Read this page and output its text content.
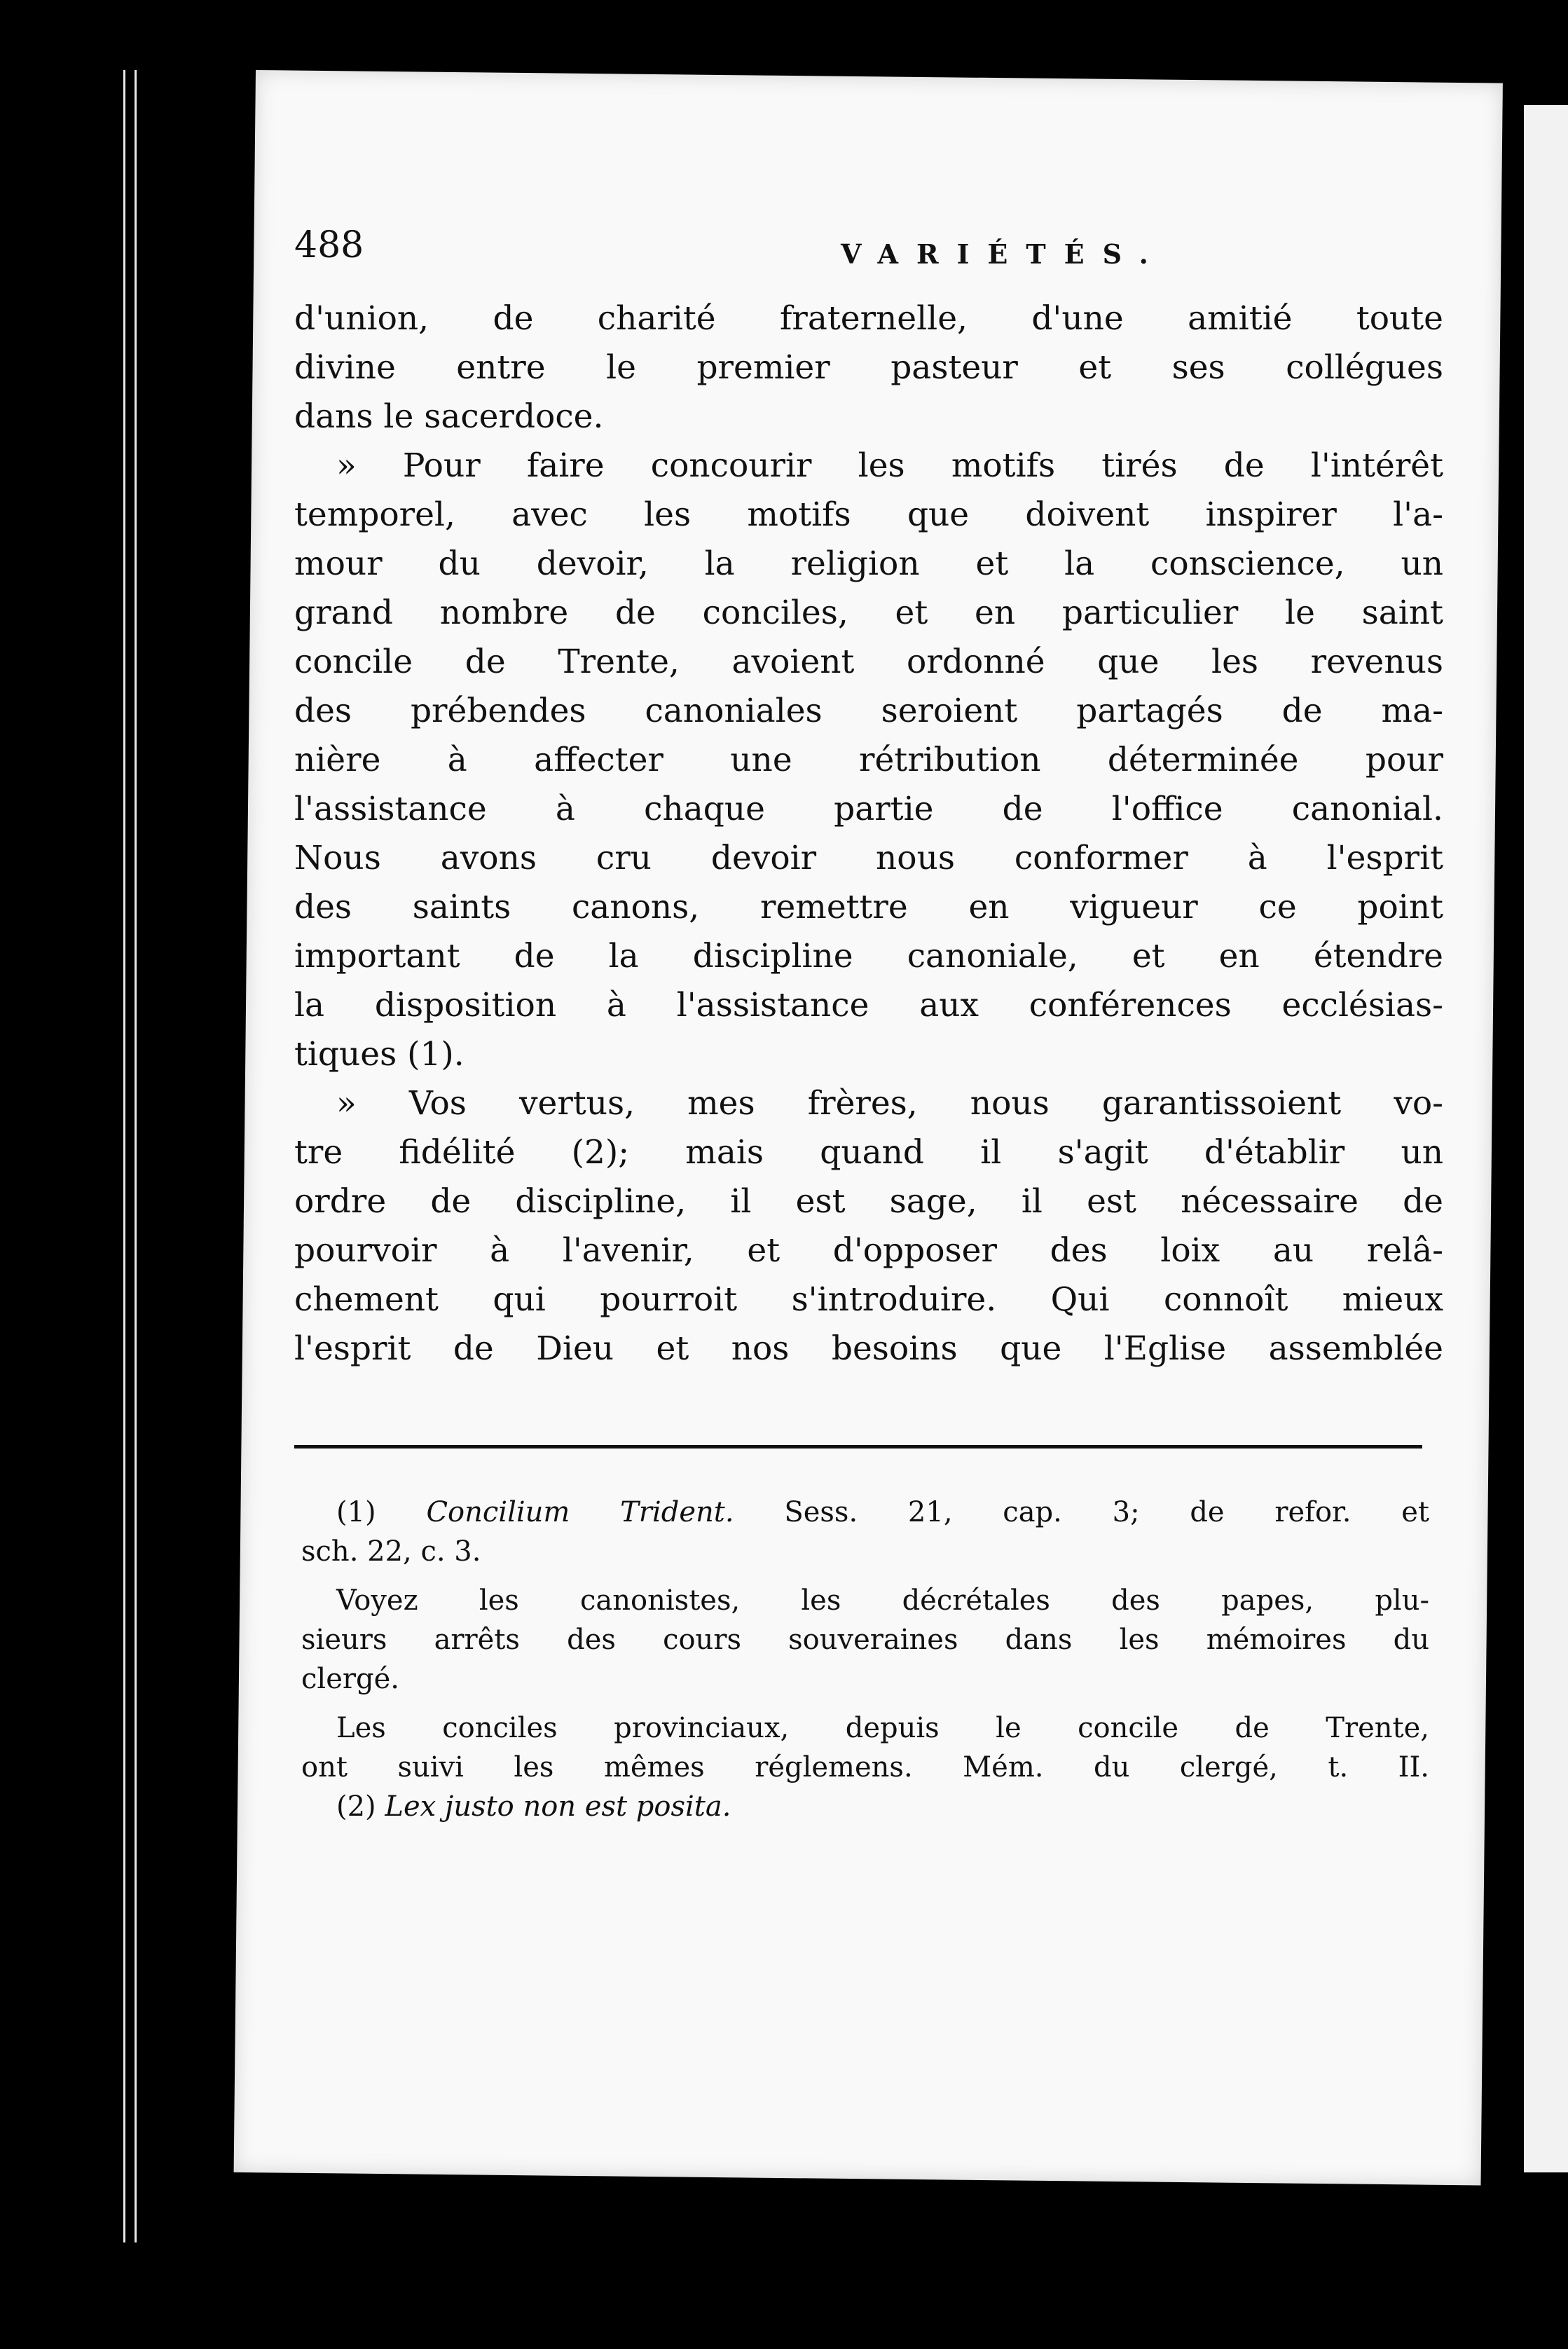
488	VARIÉTÉS.
d'union, de charité fraternelle, d'une amitié toute
divine entre le premier pasteur et ses collégues
dans le sacerdoce.
» Pour faire concourir les motifs tirés de l'intérêt
temporel, avec les motifs que doivent inspirer l'a-
mour du devoir, la religion et la conscience, un
grand nombre de conciles, et en particulier le saint
concile de Trente, avoient ordonné que les revenus
des prébendes canoniales seroient partagés de ma-
nière à affecter une rétribution déterminée pour
l'assistance à chaque partie de l'office canonial.
Nous avons cru devoir nous conformer à l'esprit
des saints canons, remettre en vigueur ce point
important de la discipline canoniale, et en étendre
la disposition à l'assistance aux conférences ecclésias-
tiques (1).
» Vos vertus, mes frères, nous garantissoient vo-
tre fidélité (2); mais quand il s'agit d'établir un
ordre de discipline, il est sage, il est nécessaire de
pourvoir à l'avenir, et d'opposer des loix au relâ-
chement qui pourroit s'introduire. Qui connoît mieux
l'esprit de Dieu et nos besoins que l'Eglise assemblée
(1) Concilium Trident. Sess. 21, cap. 3; de refor. et
sch. 22, c. 3.
Voyez les canonistes, les décrétales des papes, plu-
sieurs arrêts des cours souveraines dans les mémoires du
clergé.
Les conciles provinciaux, depuis le concile de Trente,
ont suivi les mêmes réglemens. Mém. du clergé, t. II.
(2) Lex justo non est posita.
